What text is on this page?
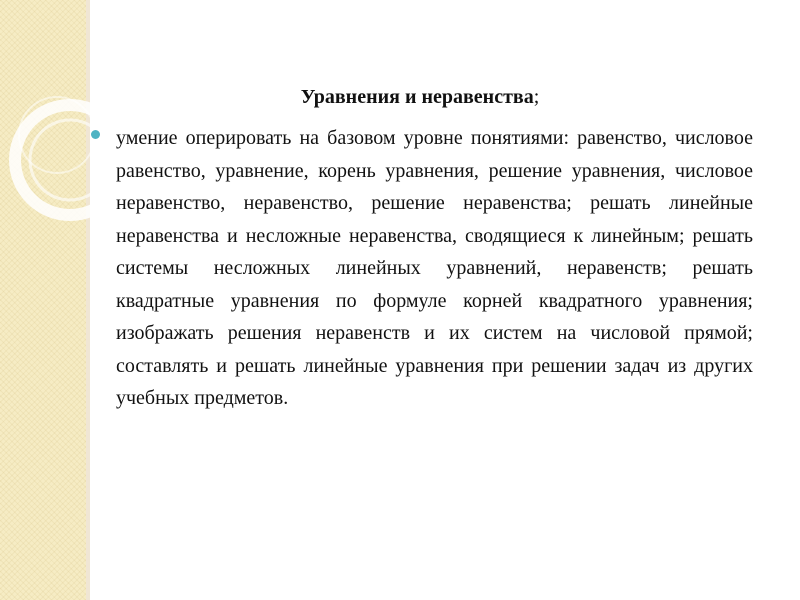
Уравнения и неравенства;

умение оперировать на базовом уровне понятиями: равенство, числовое равенство, уравнение, корень уравнения, решение уравнения, числовое неравенство, неравенство, решение неравенства; решать линейные неравенства и несложные неравенства, сводящиеся к линейным; решать системы несложных линейных уравнений, неравенств; решать квадратные уравнения по формуле корней квадратного уравнения; изображать решения неравенств и их систем на числовой прямой; составлять и решать линейные уравнения при решении задач из других учебных предметов.
